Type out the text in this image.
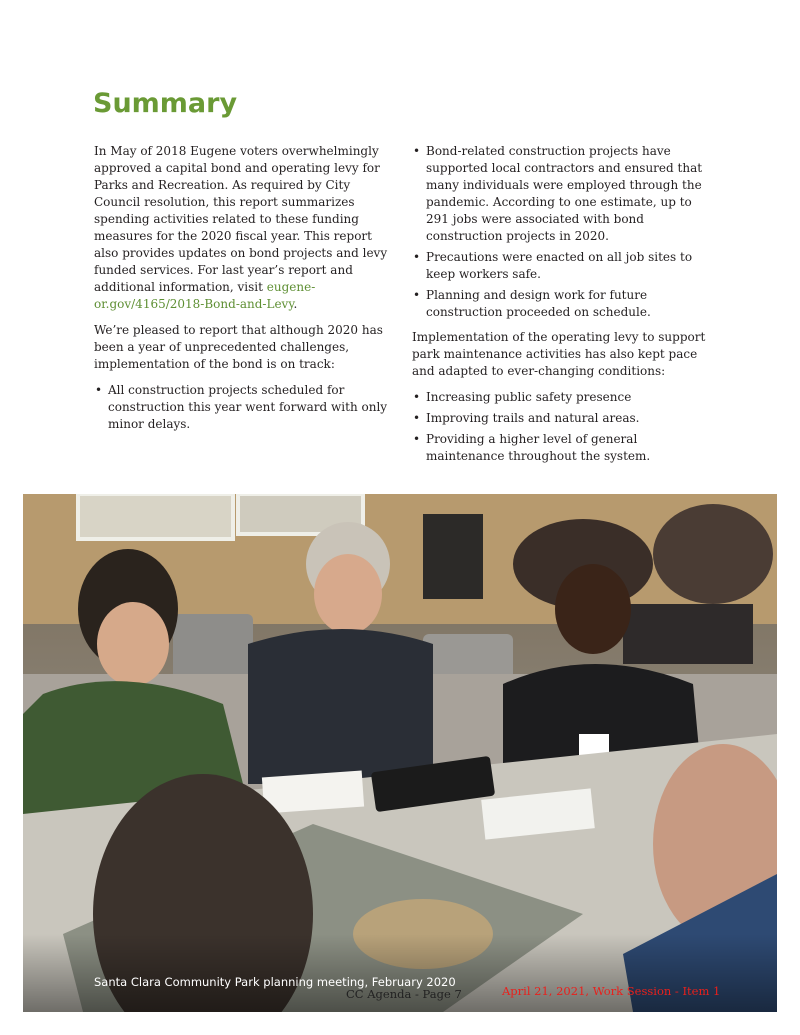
Summary

In May of 2018 Eugene voters overwhelmingly approved a capital bond and operating levy for Parks and Recreation. As required by City Council resolution, this report summarizes spending activities related to these funding measures for the 2020 fiscal year. This report also provides updates on bond projects and levy funded services. For last year’s report and additional information, visit eugene-or.gov/4165/2018-Bond-and-Levy.

We’re pleased to report that although 2020 has been a year of unprecedented challenges, implementation of the bond is on track:

• All construction projects scheduled for construction this year went forward with only minor delays.
• Bond-related construction projects have supported local contractors and ensured that many individuals were employed through the pandemic. According to one estimate, up to 291 jobs were associated with bond construction projects in 2020.
• Precautions were enacted on all job sites to keep workers safe.
• Planning and design work for future construction proceeded on schedule.

Implementation of the operating levy to support park maintenance activities has also kept pace and adapted to ever-changing conditions:

• Increasing public safety presence
• Improving trails and natural areas.
• Providing a higher level of general maintenance throughout the system.
Santa Clara Community Park planning meeting, February 2020
CC Agenda - Page 7	April 21, 2021, Work Session - Item 1
